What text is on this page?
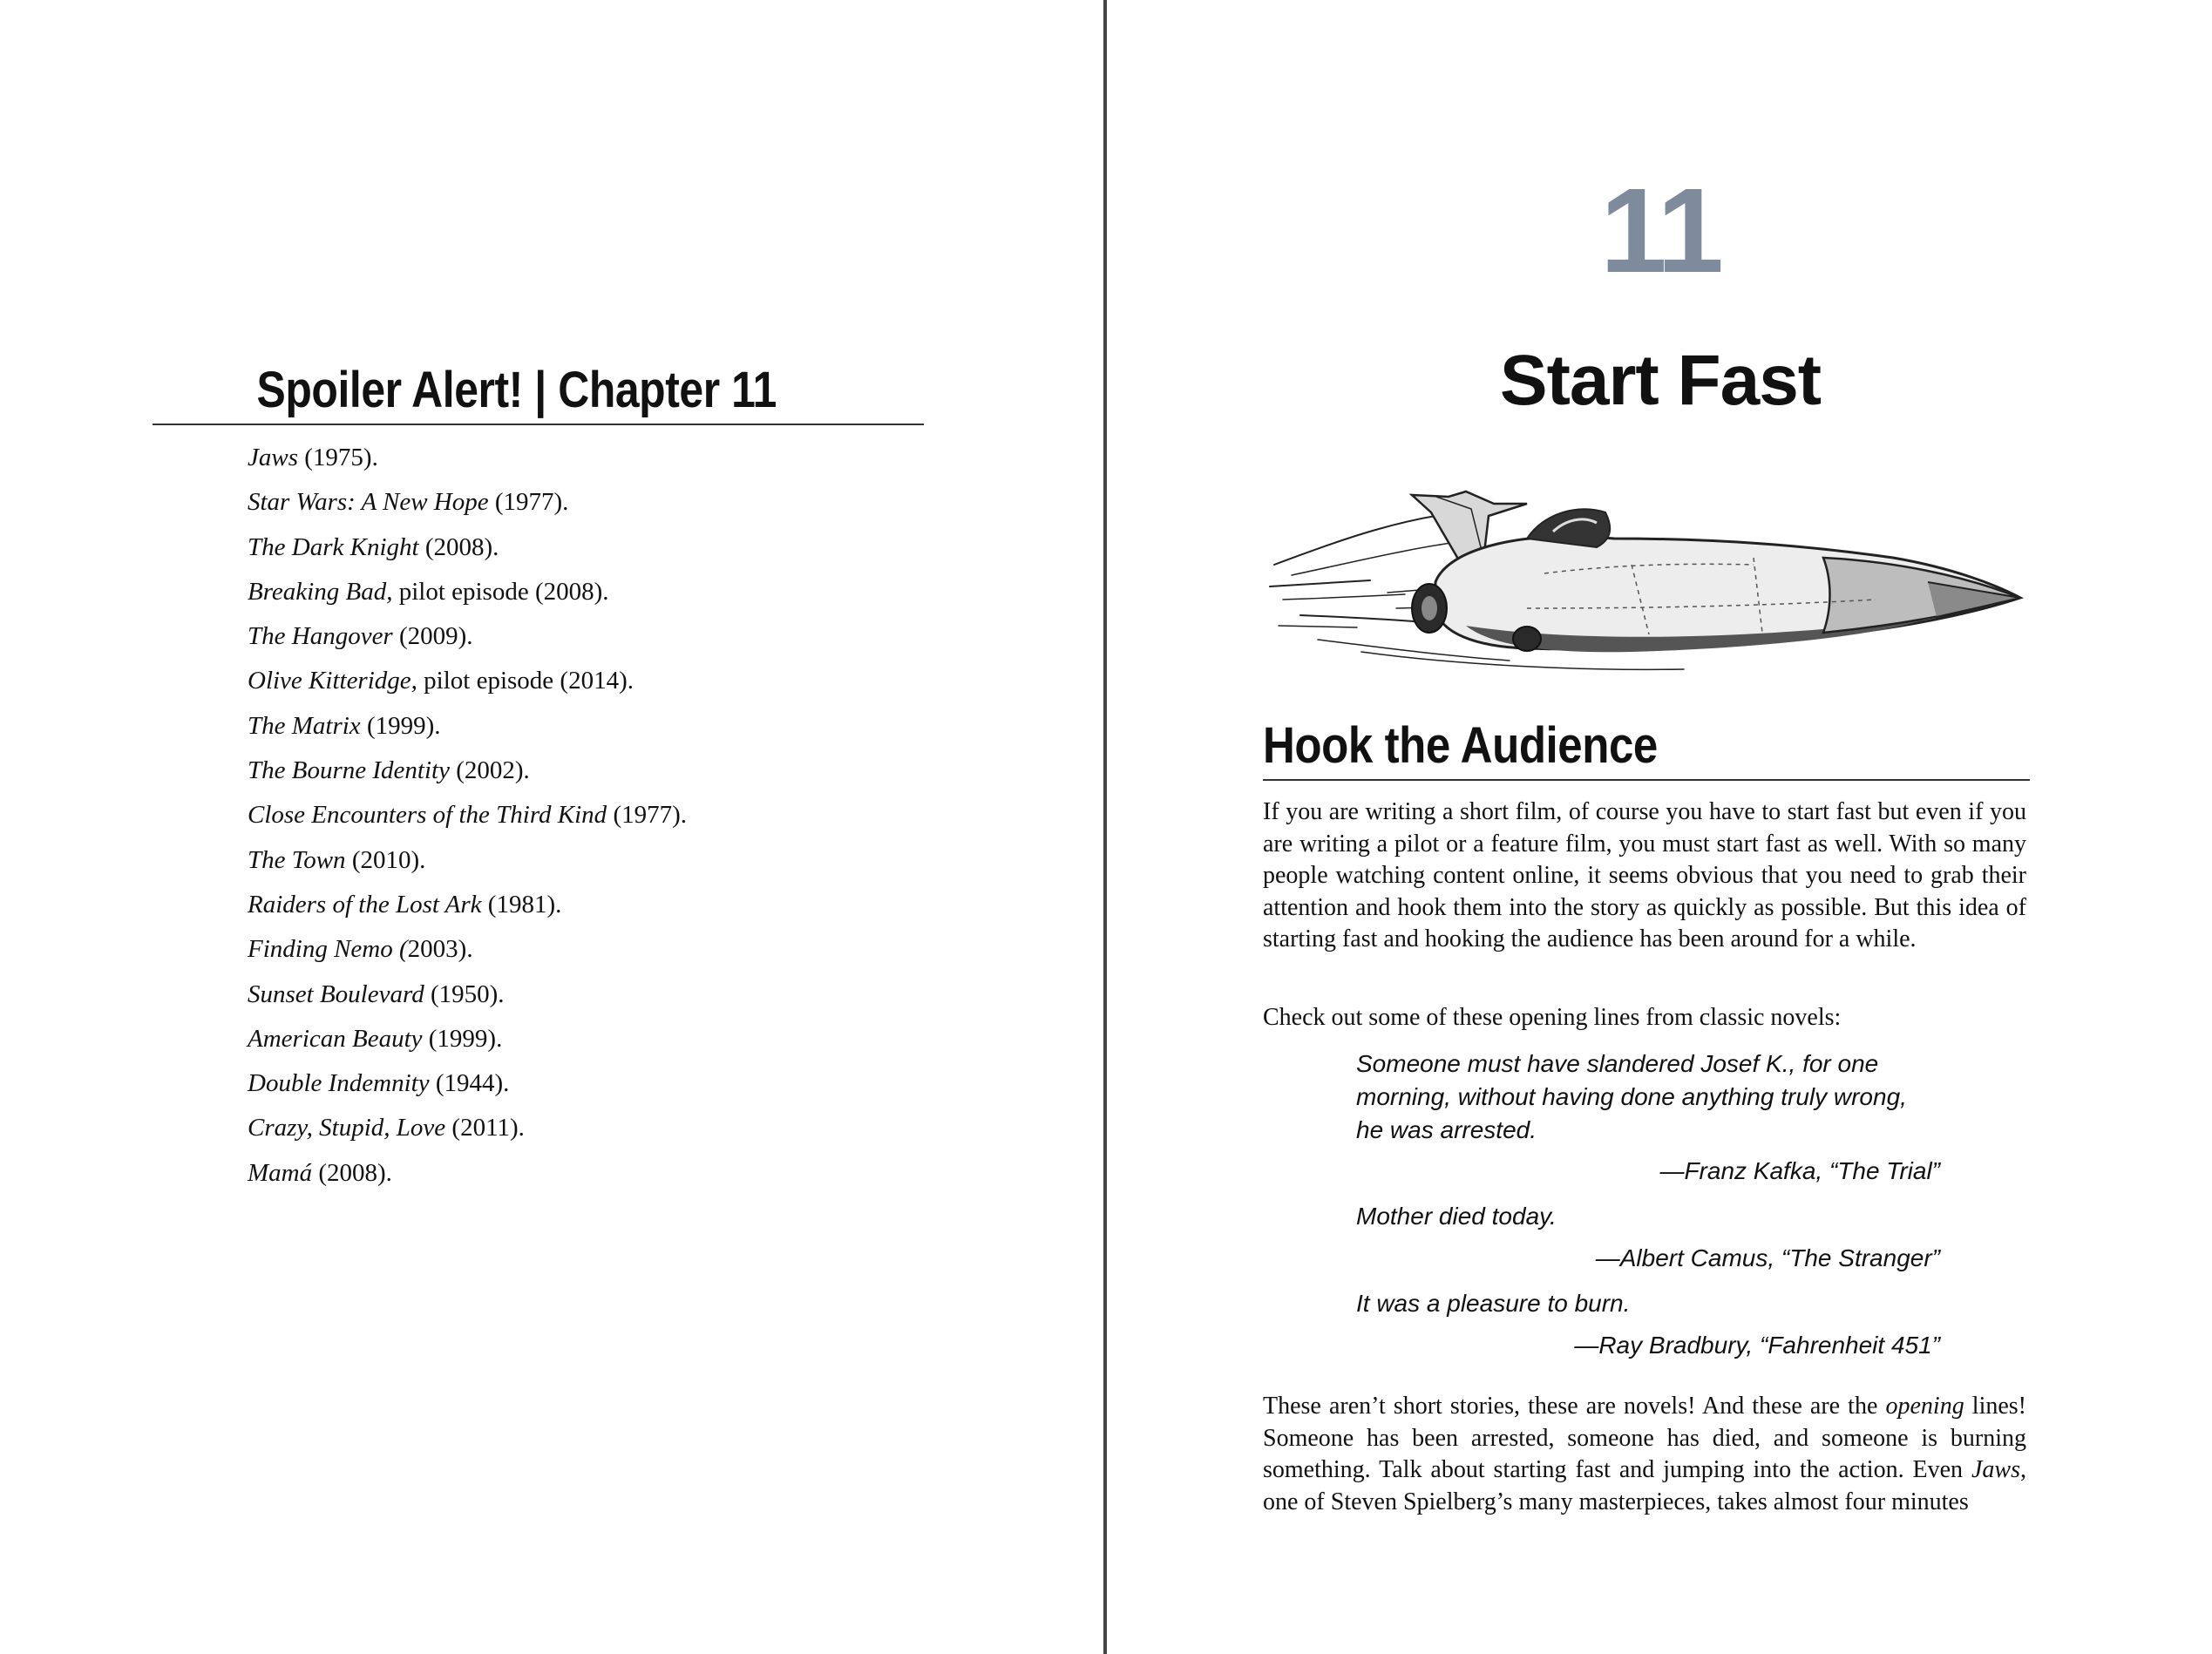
Spoiler Alert! | Chapter 11
Jaws (1975).
Star Wars: A New Hope (1977).
The Dark Knight (2008).
Breaking Bad, pilot episode (2008).
The Hangover (2009).
Olive Kitteridge, pilot episode (2014).
The Matrix (1999).
The Bourne Identity (2002).
Close Encounters of the Third Kind (1977).
The Town (2010).
Raiders of the Lost Ark (1981).
Finding Nemo (2003).
Sunset Boulevard (1950).
American Beauty (1999).
Double Indemnity (1944).
Crazy, Stupid, Love (2011).
Mamá (2008).
11
Start Fast
Hook the Audience

If you are writing a short film, of course you have to start fast but even if you are writing a pilot or a feature film, you must start fast as well. With so many people watching content online, it seems obvious that you need to grab their attention and hook them into the story as quickly as possible. But this idea of starting fast and hooking the audience has been around for a while.

Check out some of these opening lines from classic novels:

Someone must have slandered Josef K., for one morning, without having done anything truly wrong, he was arrested.
—Franz Kafka, “The Trial”
Mother died today.
—Albert Camus, “The Stranger”
It was a pleasure to burn.
—Ray Bradbury, “Fahrenheit 451”

These aren’t short stories, these are novels! And these are the opening lines! Someone has been arrested, someone has died, and someone is burning something. Talk about starting fast and jumping into the action. Even Jaws, one of Steven Spielberg’s many masterpieces, takes almost four minutes
